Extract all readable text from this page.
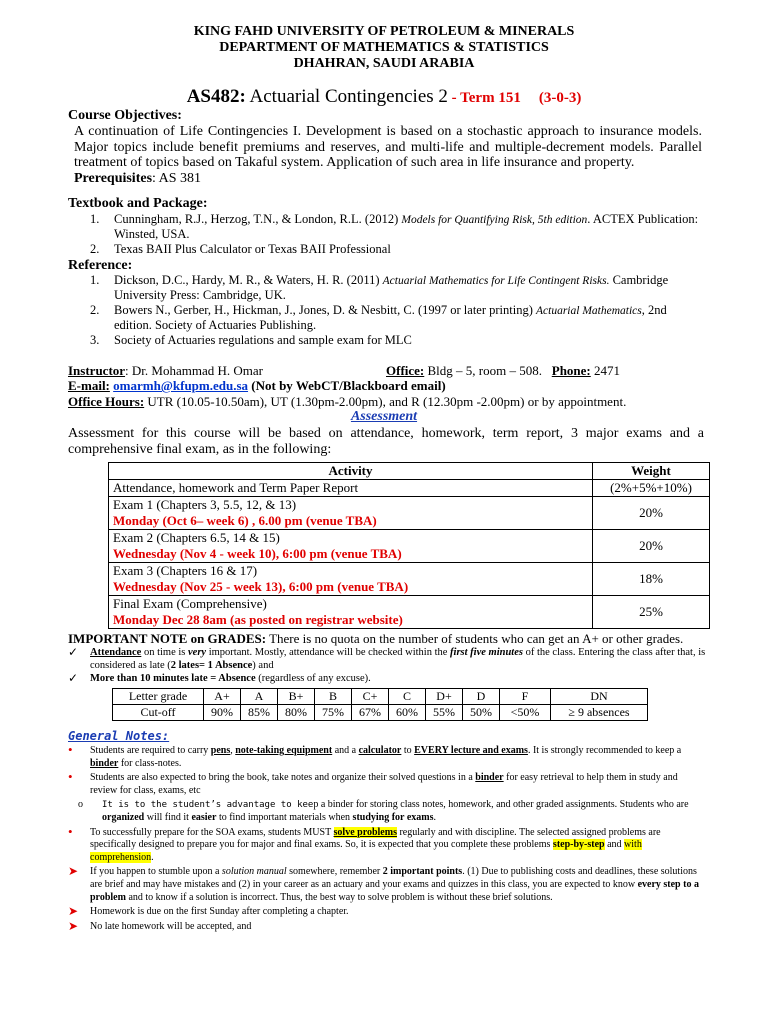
KING FAHD UNIVERSITY OF PETROLEUM & MINERALS
DEPARTMENT OF MATHEMATICS & STATISTICS
DHAHRAN, SAUDI ARABIA
AS482: Actuarial Contingencies 2 - Term 151 (3-0-3)
Course Objectives:
A continuation of Life Contingencies I. Development is based on a stochastic approach to insurance models. Major topics include benefit premiums and reserves, and multi-life and multiple-decrement models. Parallel treatment of topics based on Takaful system. Application of such area in life insurance and property.
Prerequisites: AS 381
Textbook and Package:
1. Cunningham, R.J., Herzog, T.N., & London, R.L. (2012) Models for Quantifying Risk, 5th edition. ACTEX Publication: Winsted, USA.
2. Texas BAII Plus Calculator or Texas BAII Professional
Reference:
1. Dickson, D.C., Hardy, M. R., & Waters, H. R. (2011) Actuarial Mathematics for Life Contingent Risks. Cambridge University Press: Cambridge, UK.
2. Bowers N., Gerber, H., Hickman, J., Jones, D. & Nesbitt, C. (1997 or later printing) Actuarial Mathematics, 2nd edition. Society of Actuaries Publishing.
3. Society of Actuaries regulations and sample exam for MLC
Instructor: Dr. Mohammad H. Omar	Office: Bldg – 5, room – 508. Phone: 2471
E-mail: omarmh@kfupm.edu.sa (Not by WebCT/Blackboard email)
Office Hours: UTR (10.05-10.50am), UT (1.30pm-2.00pm), and R (12.30pm -2.00pm) or by appointment.
Assessment
Assessment for this course will be based on attendance, homework, term report, 3 major exams and a comprehensive final exam, as in the following:
Activity	Weight
Attendance, homework and Term Paper Report	(2%+5%+10%)

Exam 1 (Chapters 3, 5.5, 12, & 13)
Monday (Oct 6– week 6) , 6.00 pm (venue TBA)	20%

Exam 2 (Chapters 6.5, 14 & 15)
Wednesday (Nov 4 - week 10), 6:00 pm (venue TBA)	20%

Exam 3 (Chapters 16 & 17)
Wednesday (Nov 25 - week 13), 6:00 pm (venue TBA)	18%

Final Exam (Comprehensive)
Monday Dec 28 8am (as posted on registrar website)	25%
IMPORTANT NOTE on GRADES: There is no quota on the number of students who can get an A+ or other grades.
✓ Attendance on time is very important. Mostly, attendance will be checked within the first five minutes of the class. Entering the class after that, is considered as late (2 lates= 1 Absence) and
✓ More than 10 minutes late = Absence (regardless of any excuse).
Letter grade	A+	A	B+	B	C+	C	D+	D	F	DN
Cut-off	90%	85%	80%	75%	67%	60%	55%	50%	<50%	≥ 9 absences
General Notes:
• Students are required to carry pens, note-taking equipment and a calculator to EVERY lecture and exams. It is strongly recommended to keep a binder for class-notes.
• Students are also expected to bring the book, take notes and organize their solved questions in a binder for easy retrieval to help them in study and review for class, exams, etc
o It is to the student’s advantage to keep a binder for storing class notes, homework, and other graded assignments. Students who are organized will find it easier to find important materials when studying for exams.
• To successfully prepare for the SOA exams, students MUST solve problems regularly and with discipline. The selected assigned problems are specifically designed to prepare you for major and final exams. So, it is expected that you complete these problems step-by-step and with comprehension.
➤ If you happen to stumble upon a solution manual somewhere, remember 2 important points. (1) Due to publishing costs and deadlines, these solutions are brief and may have mistakes and (2) in your career as an actuary and your exams and quizzes in this class, you are expected to know every step to a problem and to know if a solution is incorrect. Thus, the best way to solve problem is without these brief solutions.
➤ Homework is due on the first Sunday after completing a chapter.
➤ No late homework will be accepted, and
